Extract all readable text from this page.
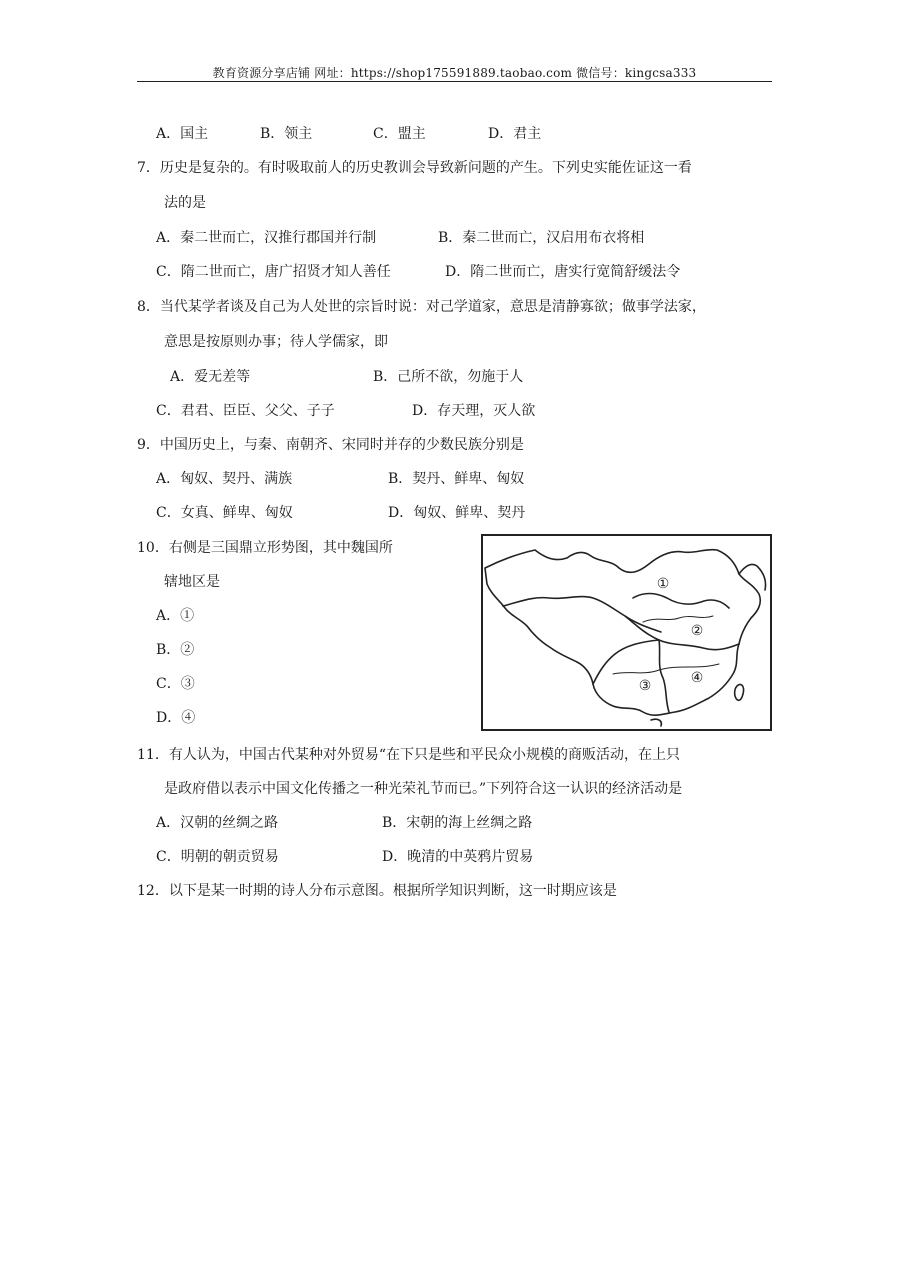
教育资源分享店铺 网址：https://shop175591889.taobao.com 微信号：kingcsa333
A．国主	B．领主	C．盟主	D．君主
7．历史是复杂的。有时吸取前人的历史教训会导致新问题的产生。下列史实能佐证这一看
法的是
A．秦二世而亡，汉推行郡国并行制	B．秦二世而亡，汉启用布衣将相
C．隋二世而亡，唐广招贤才知人善任	D．隋二世而亡，唐实行宽简舒缓法令
8．当代某学者谈及自己为人处世的宗旨时说：对己学道家，意思是清静寡欲；做事学法家，
意思是按原则办事；待人学儒家，即
A．爱无差等	B．己所不欲，勿施于人
C．君君、臣臣、父父、子子	D．存天理，灭人欲
9．中国历史上，与秦、南朝齐、宋同时并存的少数民族分别是
A．匈奴、契丹、满族	B．契丹、鲜卑、匈奴
C．女真、鲜卑、匈奴	D．匈奴、鲜卑、契丹
10．右侧是三国鼎立形势图，其中魏国所
辖地区是
A．①
B．②
C．③
D．④
①
②
③	④
11．有人认为，中国古代某种对外贸易“在下只是些和平民众小规模的商贩活动，在上只
是政府借以表示中国文化传播之一种光荣礼节而已。”下列符合这一认识的经济活动是
A．汉朝的丝绸之路	B．宋朝的海上丝绸之路
C．明朝的朝贡贸易	D．晚清的中英鸦片贸易
12．以下是某一时期的诗人分布示意图。根据所学知识判断，这一时期应该是
